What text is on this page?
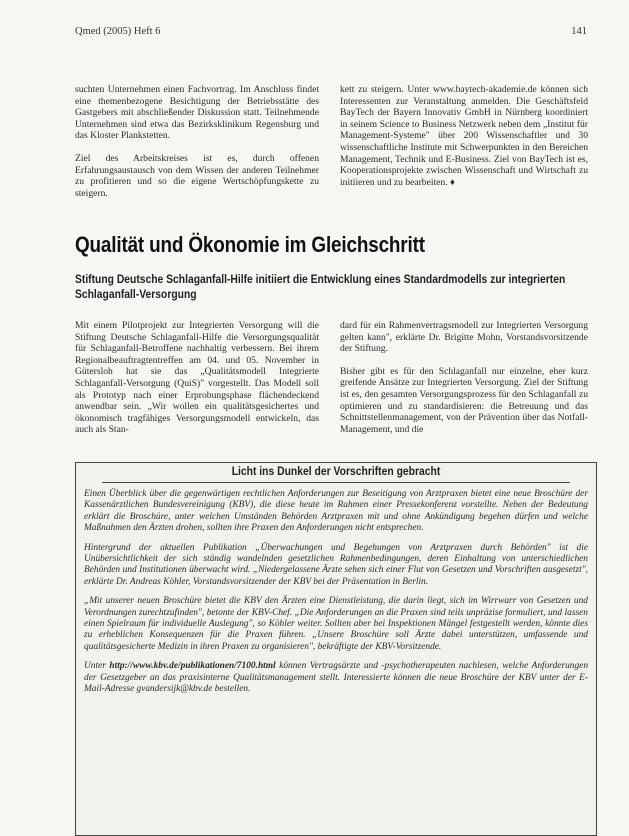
Qmed (2005) Heft 6	141

suchten Unternehmen einen Fachvortrag. Im Anschluss findet eine themenbezogene Besichtigung der Betriebsstätte des Gastgebers mit abschließender Diskussion statt. Teilnehmende Unternehmen sind etwa das Bezirksklinikum Regensburg und das Kloster Plankstetten.

Ziel des Arbeitskreises ist es, durch offenen Erfahrungsaustausch von dem Wissen der anderen Teilnehmer zu profitieren und so die eigene Wertschöpfungskette zu steigern.

kett zu steigern. Unter www.baytech-akademie.de können sich Interessenten zur Veranstaltung anmelden. Die Geschäftsfeld BayTech der Bayern Innovativ GmbH in Nürnberg koordiniert in seinem Science to Business Netzwerk neben dem „Institut für Management-Systeme" über 200 Wissenschaftler und 30 wissenschaftliche Institute mit Schwerpunkten in den Bereichen Management, Technik und E-Business. Ziel von BayTech ist es, Kooperationsprojekte zwischen Wissenschaft und Wirtschaft zu initiieren und zu bearbeiten. ♦

Qualität und Ökonomie im Gleichschritt
Stiftung Deutsche Schlaganfall-Hilfe initiiert die Entwicklung eines Standardmodells zur integrierten Schlaganfall-Versorgung

Mit einem Pilotprojekt zur Integrierten Versorgung will die Stiftung Deutsche Schlaganfall-Hilfe die Versorgungsqualität für Schlaganfall-Betroffene nachhaltig verbessern. Bei ihrem Regionalbeauftragtentreffen am 04. und 05. November in Gütersloh hat sie das „Qualitätsmodell Integrierte Schlaganfall-Versorgung (QuiS)" vorgestellt. Das Modell soll als Prototyp nach einer Erprobungsphase flächendeckend anwendbar sein. „Wir wollen ein qualitätsgesichertes und ökonomisch tragfähiges Versorgungsmodell entwickeln, das auch als Stan-

dard für ein Rahmenvertragsmodell zur Integrierten Versorgung gelten kann", erklärte Dr. Brigitte Mohn, Vorstandsvorsitzende der Stiftung.

Bisher gibt es für den Schlaganfall nur einzelne, eher kurz greifende Ansätze zur Integrierten Versorgung. Ziel der Stiftung ist es, den gesamten Versorgungsprozess für den Schlaganfall zu optimieren und zu standardisieren: die Betreuung und das Schnittstellenmanagement, von der Prävention über das Notfall-Management, und die

Licht ins Dunkel der Vorschriften gebracht

Einen Überblick über die gegenwärtigen rechtlichen Anforderungen zur Beseitigung von Arztpraxen bietet eine neue Broschüre der Kassenärztlichen Bundesvereinigung (KBV), die diese heute im Rahmen einer Pressekonferenz vorstellte. Neben der Bedeutung erklärt die Broschüre, unter welchen Umständen Behörden Arztpraxen mit und ohne Ankündigung begehen dürfen und welche Maßnahmen den Ärzten drohen, sollten ihre Praxen den Anforderungen nicht entsprechen.

Hintergrund der aktuellen Publikation „Überwachungen und Begehungen von Arztpraxen durch Behörden" ist die Unübersichtlichkeit der sich ständig wandelnden gesetzlichen Rahmenbedingungen, deren Einhaltung von unterschiedlichen Behörden und Institutionen überwacht wird. „Niedergelassene Ärzte sehen sich einer Flut von Gesetzen und Vorschriften ausgesetzt", erklärte Dr. Andreas Köhler, Vorstandsvorsitzender der KBV bei der Präsentation in Berlin.

„Mit unserer neuen Broschüre bietet die KBV den Ärzten eine Dienstleistung, die darin liegt, sich im Wirrwarr von Gesetzen und Verordnungen zurechtzufinden", betonte der KBV-Chef. „Die Anforderungen an die Praxen sind teils unpräzise formuliert, und lassen einen Spielraum für individuelle Auslegung", so Köhler weiter. Sollten aber bei Inspektionen Mängel festgestellt werden, könnte dies zu erheblichen Konsequenzen für die Praxen führen. „Unsere Broschüre soll Ärzte dabei unterstützen, umfassende und qualitätsgesicherte Medizin in ihren Praxen zu organisieren", bekräftigte der KBV-Vorsitzende.

Unter http://www.kbv.de/publikationen/7100.html können Vertragsärzte und -psychotherapeuten nachlesen, welche Anforderungen der Gesetzgeber an das praxisinterne Qualitätsmanagement stellt. Interessierte können die neue Broschüre der KBV unter der E-Mail-Adresse gvandersijk@kbv.de bestellen.
